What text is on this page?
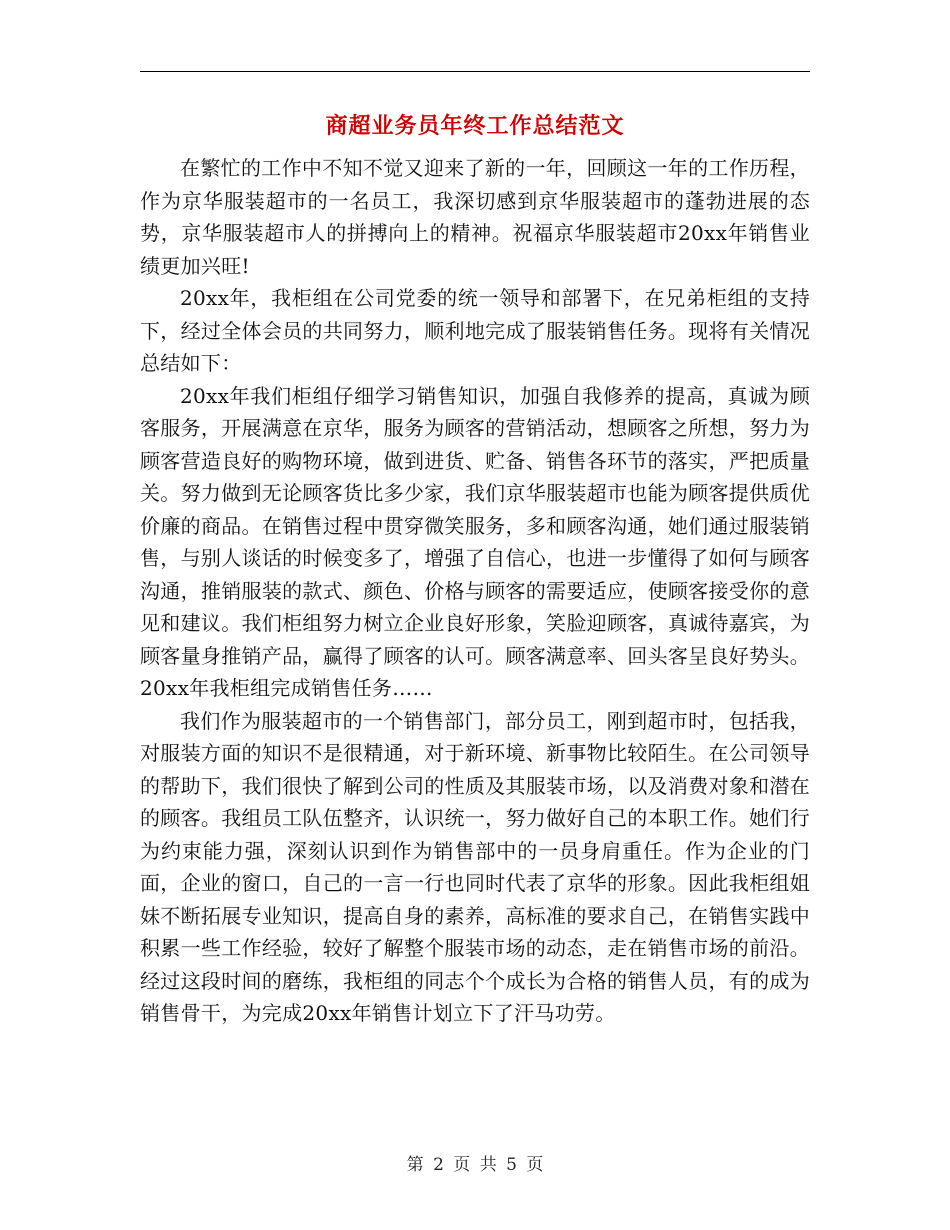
商超业务员年终工作总结范文

在繁忙的工作中不知不觉又迎来了新的一年，回顾这一年的工作历程，作为京华服装超市的一名员工，我深切感到京华服装超市的蓬勃进展的态势，京华服装超市人的拼搏向上的精神。祝福京华服装超市20xx年销售业绩更加兴旺!

20xx年，我柜组在公司党委的统一领导和部署下，在兄弟柜组的支持下，经过全体会员的共同努力，顺利地完成了服装销售任务。现将有关情况总结如下：

20xx年我们柜组仔细学习销售知识，加强自我修养的提高，真诚为顾客服务，开展满意在京华，服务为顾客的营销活动，想顾客之所想，努力为顾客营造良好的购物环境，做到进货、贮备、销售各环节的落实，严把质量关。努力做到无论顾客货比多少家，我们京华服装超市也能为顾客提供质优价廉的商品。在销售过程中贯穿微笑服务，多和顾客沟通，她们通过服装销售，与别人谈话的时候变多了，增强了自信心，也进一步懂得了如何与顾客沟通，推销服装的款式、颜色、价格与顾客的需要适应，使顾客接受你的意见和建议。我们柜组努力树立企业良好形象，笑脸迎顾客，真诚待嘉宾，为顾客量身推销产品，赢得了顾客的认可。顾客满意率、回头客呈良好势头。20xx年我柜组完成销售任务……

我们作为服装超市的一个销售部门，部分员工，刚到超市时，包括我，对服装方面的知识不是很精通，对于新环境、新事物比较陌生。在公司领导的帮助下，我们很快了解到公司的性质及其服装市场，以及消费对象和潜在的顾客。我组员工队伍整齐，认识统一，努力做好自己的本职工作。她们行为约束能力强，深刻认识到作为销售部中的一员身肩重任。作为企业的门面，企业的窗口，自己的一言一行也同时代表了京华的形象。因此我柜组姐妹不断拓展专业知识，提高自身的素养，高标准的要求自己，在销售实践中积累一些工作经验，较好了解整个服装市场的动态，走在销售市场的前沿。经过这段时间的磨练，我柜组的同志个个成长为合格的销售人员，有的成为销售骨干，为完成20xx年销售计划立下了汗马功劳。

第 2 页 共 5 页
